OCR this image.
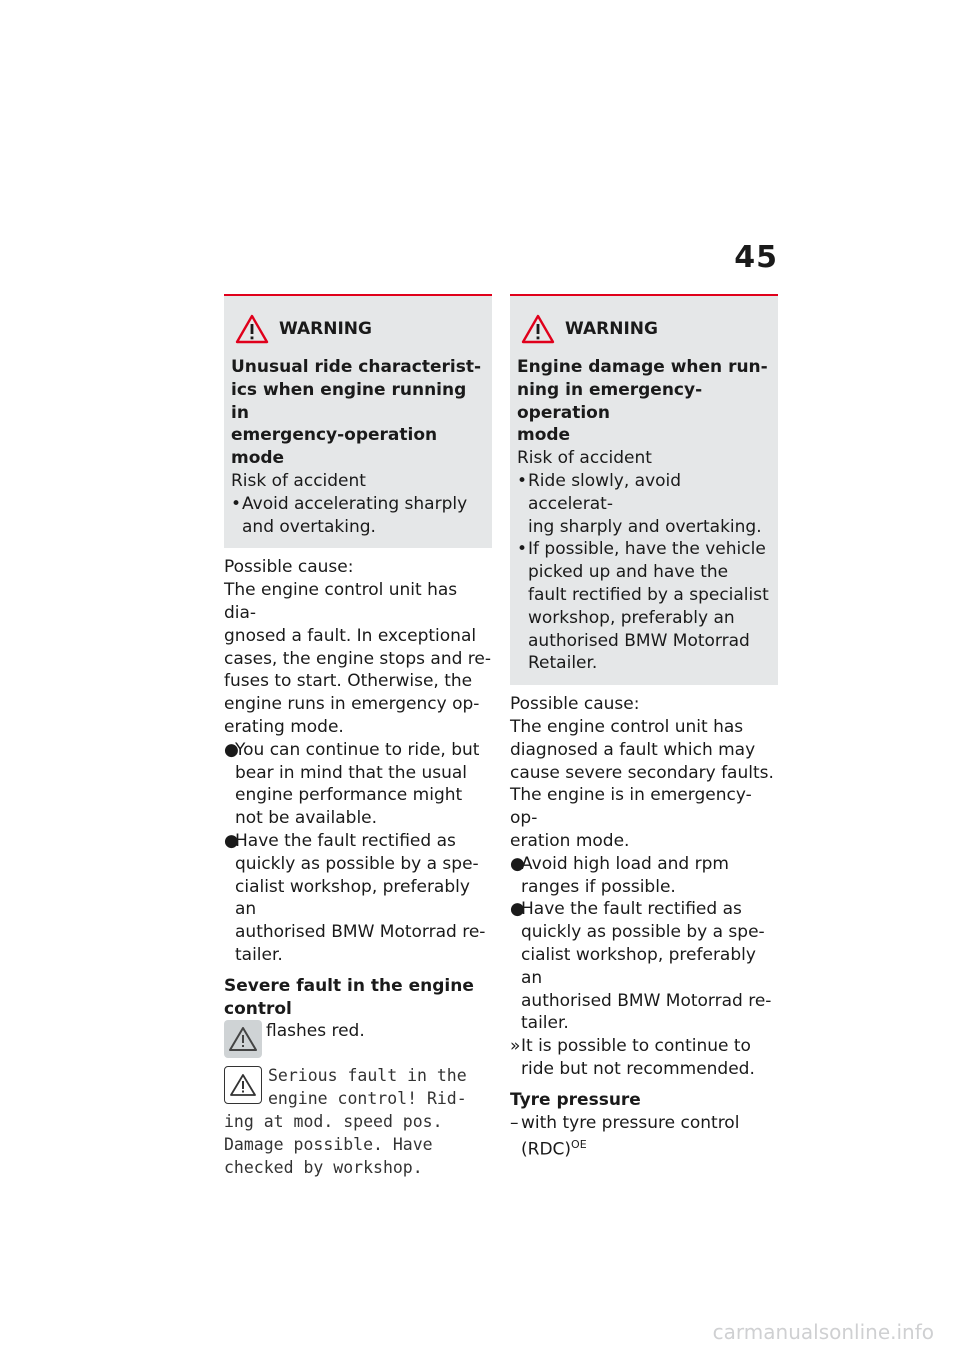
45
WARNING
Unusual ride characterist-
ics when engine running in
emergency-operation mode
Risk of accident
• Avoid accelerating sharply
and overtaking.
Possible cause:
The engine control unit has dia-
gnosed a fault. In exceptional
cases, the engine stops and re-
fuses to start. Otherwise, the
engine runs in emergency op-
erating mode.
●
You can continue to ride, but
bear in mind that the usual
engine performance might
not be available.
●
Have the fault rectified as
quickly as possible by a spe-
cialist workshop, preferably an
authorised BMW Motorrad re-
tailer.
Severe fault in the engine
control
flashes red.
Serious fault in the
engine control! Rid-
ing at mod. speed pos.
Damage possible. Have
checked by workshop.
WARNING
Engine damage when run-
ning in emergency-operation
mode
Risk of accident
• Ride slowly, avoid accelerat-
ing sharply and overtaking.
• If possible, have the vehicle
picked up and have the
fault rectified by a specialist
workshop, preferably an
authorised BMW Motorrad
Retailer.
Possible cause:
The engine control unit has
diagnosed a fault which may
cause severe secondary faults.
The engine is in emergency-op-
eration mode.
●
Avoid high load and rpm
ranges if possible.
●
Have the fault rectified as
quickly as possible by a spe-
cialist workshop, preferably an
authorised BMW Motorrad re-
tailer.
» It is possible to continue to
ride but not recommended.
Tyre pressure
– with tyre pressure control
(RDC)$^{OE}$
carmanualsonline.info
